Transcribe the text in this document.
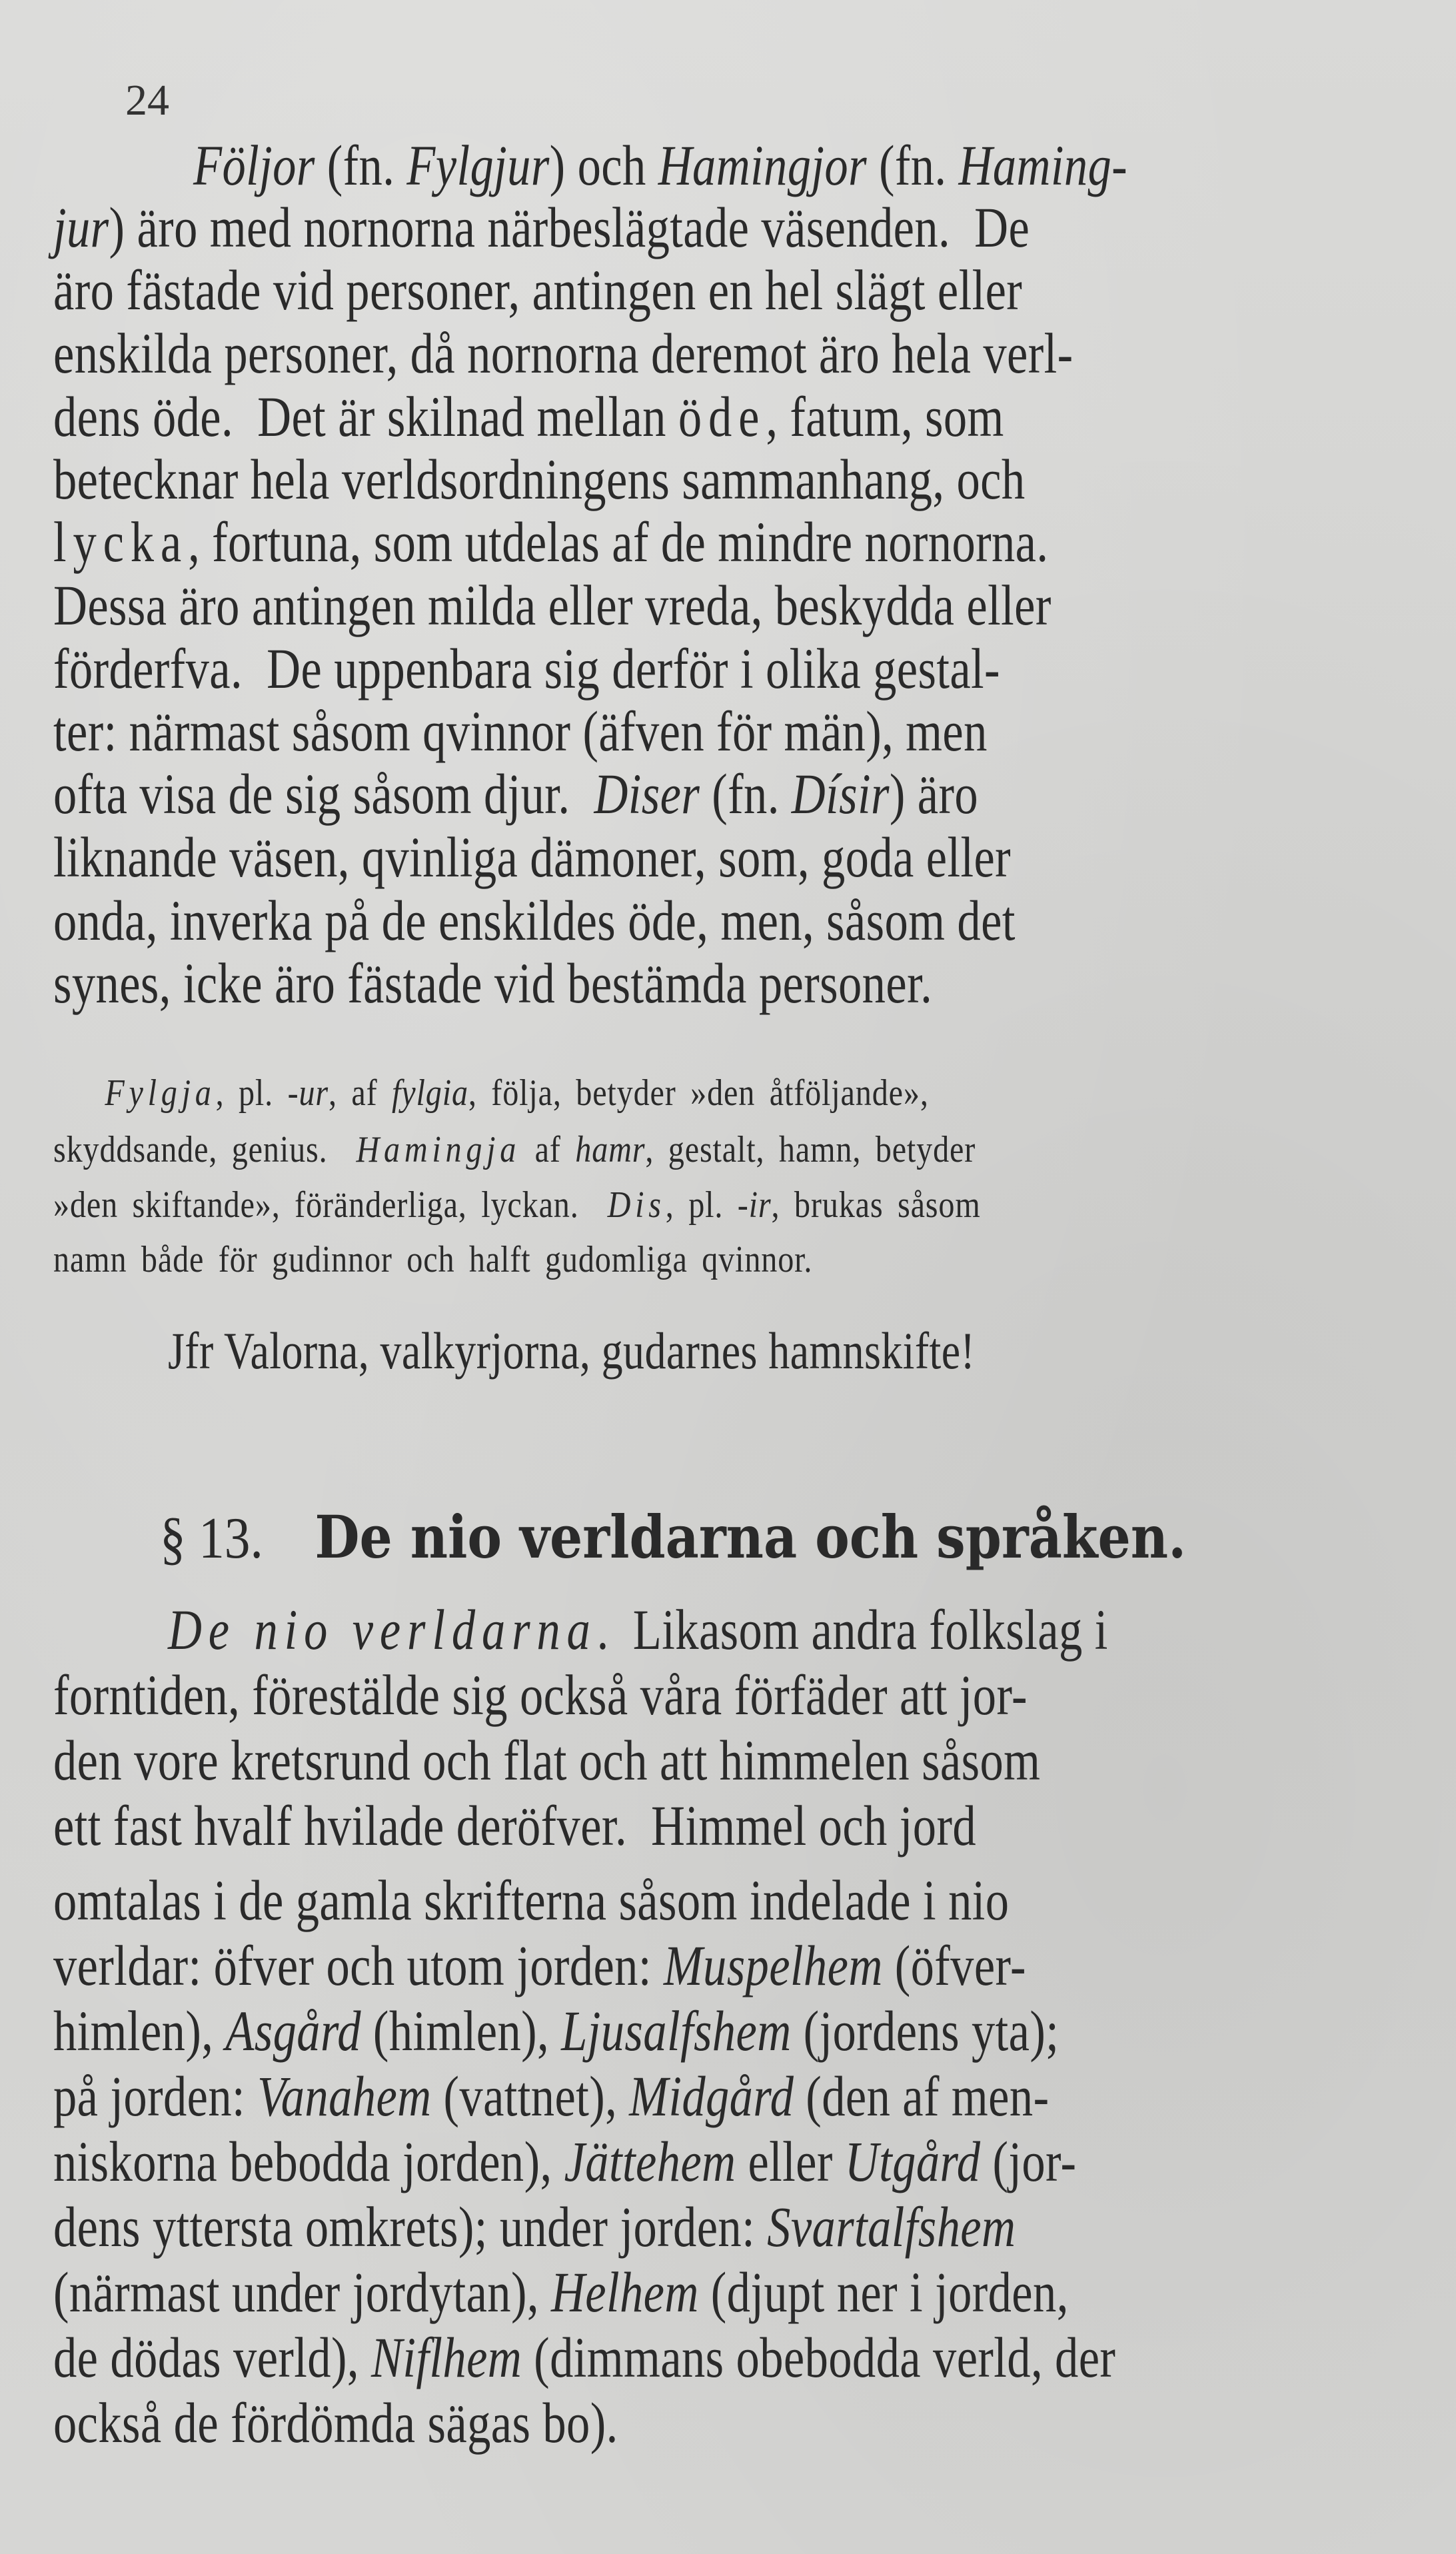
24
Följor (fn. Fylgjur) och Hamingjor (fn. Haming-
jur) äro med nornorna närbeslägtade väsenden.  De
äro fästade vid personer, antingen en hel slägt eller
enskilda personer, då nornorna deremot äro hela verl-
dens öde.  Det är skilnad mellan öde, fatum, som
betecknar hela verldsordningens sammanhang, och
lycka, fortuna, som utdelas af de mindre nornorna.
Dessa äro antingen milda eller vreda, beskydda eller
förderfva.  De uppenbara sig derför i olika gestal-
ter: närmast såsom qvinnor (äfven för män), men
ofta visa de sig såsom djur.  Diser (fn. Dísir) äro
liknande väsen, qvinliga dämoner, som, goda eller
onda, inverka på de enskildes öde, men, såsom det
synes, icke äro fästade vid bestämda personer.
Fylgja, pl. -ur, af fylgia, följa, betyder »den åtföljande»,
skyddsande, genius.  Hamingja af hamr, gestalt, hamn, betyder
»den skiftande», föränderliga, lyckan.  Dis, pl. -ir, brukas såsom
namn både för gudinnor och halft gudomliga qvinnor.
Jfr Valorna, valkyrjorna, gudarnes hamnskifte!
§ 13. De nio verldarna och språken.
De nio verldarna.  Likasom andra folkslag i
forntiden, förestälde sig också våra förfäder att jor-
den vore kretsrund och flat och att himmelen såsom
ett fast hvalf hvilade deröfver.  Himmel och jord
omtalas i de gamla skrifterna såsom indelade i nio
verldar: öfver och utom jorden: Muspelhem (öfver-
himlen), Asgård (himlen), Ljusalfshem (jordens yta);
på jorden: Vanahem (vattnet), Midgård (den af men-
niskorna bebodda jorden), Jättehem eller Utgård (jor-
dens yttersta omkrets); under jorden: Svartalfshem
(närmast under jordytan), Helhem (djupt ner i jorden,
de dödas verld), Niflhem (dimmans obebodda verld, der
också de fördömda sägas bo).
